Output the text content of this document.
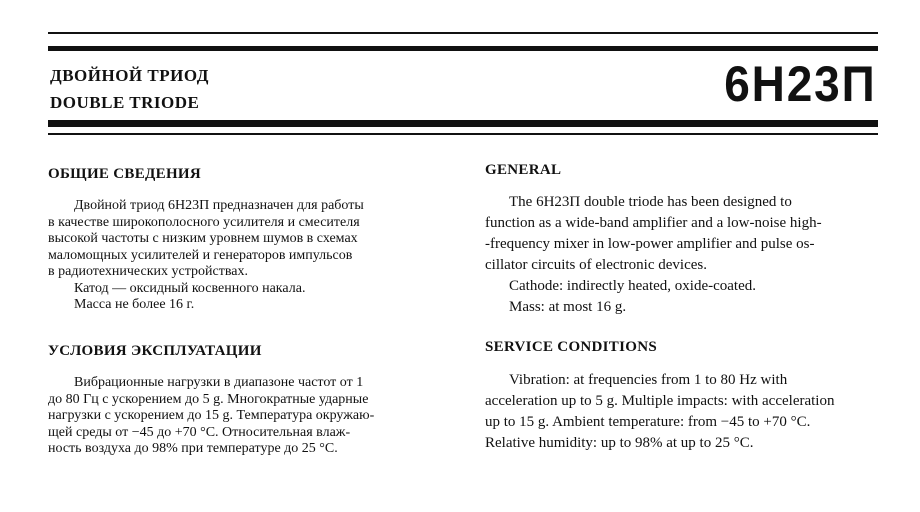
ДВОЙНОЙ ТРИОД
DOUBLE TRIODE	6Н23П
ОБЩИЕ СВЕДЕНИЯ
Двойной триод 6Н23П предназначен для работы
в качестве широкополосного усилителя и смесителя
высокой частоты с низким уровнем шумов в схемах
маломощных усилителей и генераторов импульсов
в радиотехнических устройствах.
Катод — оксидный косвенного накала.
Масса не более 16 г.
УСЛОВИЯ ЭКСПЛУАТАЦИИ
Вибрационные нагрузки в диапазоне частот от 1
до 80 Гц с ускорением до 5 g. Многократные ударные
нагрузки с ускорением до 15 g. Температура окружаю-
щей среды от −45 до +70 °С. Относительная влаж-
ность воздуха до 98% при температуре до 25 °С.
GENERAL
The 6Н23П double triode has been designed to
function as a wide-band amplifier and a low-noise high-
-frequency mixer in low-power amplifier and pulse os-
cillator circuits of electronic devices.
Cathode: indirectly heated, oxide-coated.
Mass: at most 16 g.
SERVICE CONDITIONS
Vibration: at frequencies from 1 to 80 Hz with
acceleration up to 5 g. Multiple impacts: with acceleration
up to 15 g. Ambient temperature: from −45 to +70 °C.
Relative humidity: up to 98% at up to 25 °C.
